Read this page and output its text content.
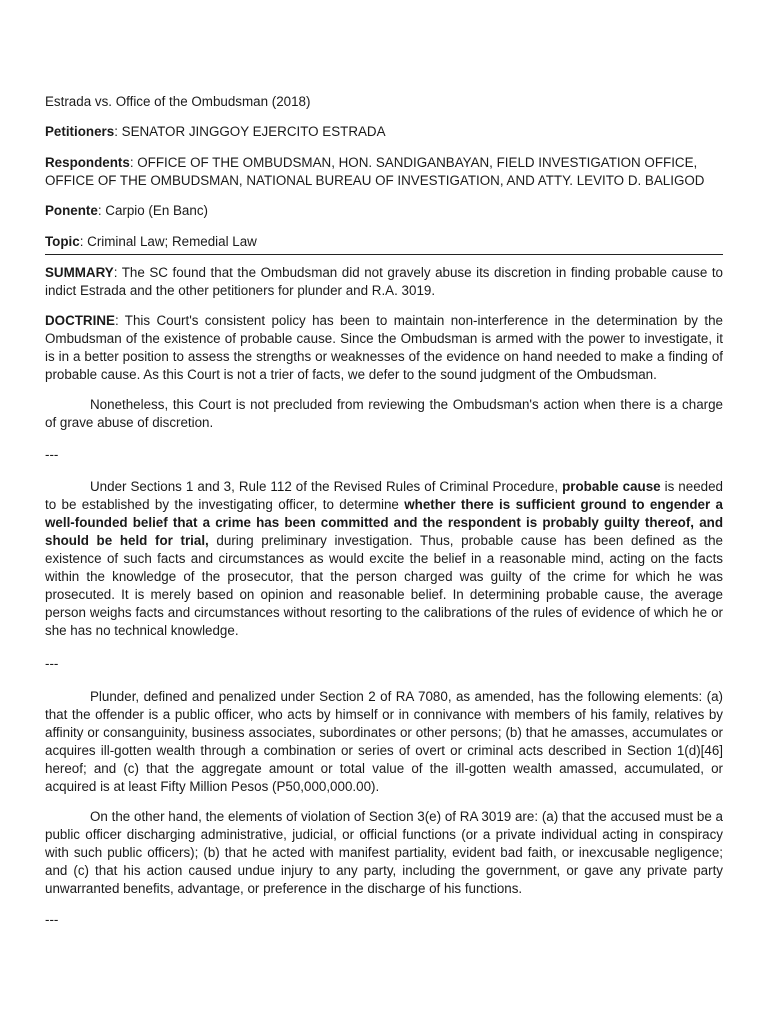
Estrada vs. Office of the Ombudsman (2018)

Petitioners: SENATOR JINGGOY EJERCITO ESTRADA

Respondents: OFFICE OF THE OMBUDSMAN, HON. SANDIGANBAYAN, FIELD INVESTIGATION OFFICE, OFFICE OF THE OMBUDSMAN, NATIONAL BUREAU OF INVESTIGATION, AND ATTY. LEVITO D. BALIGOD

Ponente: Carpio (En Banc)

Topic: Criminal Law; Remedial Law

SUMMARY: The SC found that the Ombudsman did not gravely abuse its discretion in finding probable cause to indict Estrada and the other petitioners for plunder and R.A. 3019.

DOCTRINE: This Court's consistent policy has been to maintain non-interference in the determination by the Ombudsman of the existence of probable cause. Since the Ombudsman is armed with the power to investigate, it is in a better position to assess the strengths or weaknesses of the evidence on hand needed to make a finding of probable cause. As this Court is not a trier of facts, we defer to the sound judgment of the Ombudsman.

Nonetheless, this Court is not precluded from reviewing the Ombudsman's action when there is a charge of grave abuse of discretion.

---

Under Sections 1 and 3, Rule 112 of the Revised Rules of Criminal Procedure, probable cause is needed to be established by the investigating officer, to determine whether there is sufficient ground to engender a well-founded belief that a crime has been committed and the respondent is probably guilty thereof, and should be held for trial, during preliminary investigation. Thus, probable cause has been defined as the existence of such facts and circumstances as would excite the belief in a reasonable mind, acting on the facts within the knowledge of the prosecutor, that the person charged was guilty of the crime for which he was prosecuted. It is merely based on opinion and reasonable belief. In determining probable cause, the average person weighs facts and circumstances without resorting to the calibrations of the rules of evidence of which he or she has no technical knowledge.

---

Plunder, defined and penalized under Section 2 of RA 7080, as amended, has the following elements: (a) that the offender is a public officer, who acts by himself or in connivance with members of his family, relatives by affinity or consanguinity, business associates, subordinates or other persons; (b) that he amasses, accumulates or acquires ill-gotten wealth through a combination or series of overt or criminal acts described in Section 1(d)[46] hereof; and (c) that the aggregate amount or total value of the ill-gotten wealth amassed, accumulated, or acquired is at least Fifty Million Pesos (P50,000,000.00).

On the other hand, the elements of violation of Section 3(e) of RA 3019 are: (a) that the accused must be a public officer discharging administrative, judicial, or official functions (or a private individual acting in conspiracy with such public officers); (b) that he acted with manifest partiality, evident bad faith, or inexcusable negligence; and (c) that his action caused undue injury to any party, including the government, or gave any private party unwarranted benefits, advantage, or preference in the discharge of his functions.

---
